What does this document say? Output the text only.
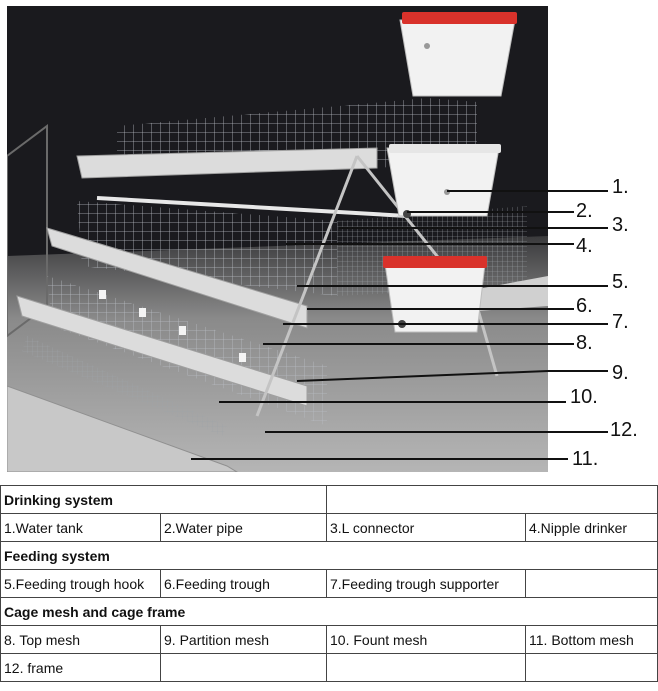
1.
2.
3.
4.
5.
6.
7.
8.
9.
10.
12.
11.
Drinking system			
1.Water tank	2.Water pipe	3.L connector	4.Nipple drinker
Feeding system			
5.Feeding trough hook	6.Feeding trough	7.Feeding trough supporter	
Cage mesh and cage frame			
8. Top mesh	9. Partition mesh	10. Fount mesh	11. Bottom mesh
12. frame			
